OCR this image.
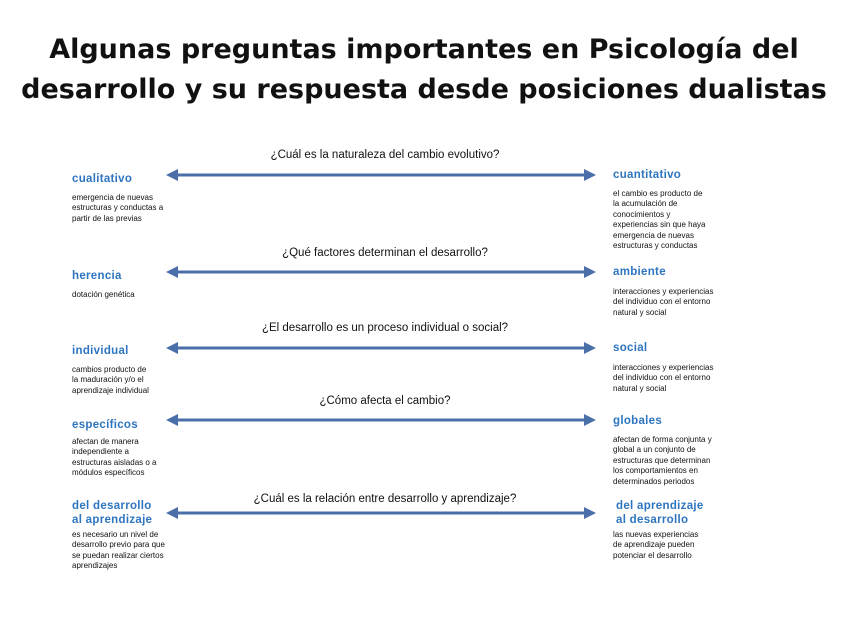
Algunas preguntas importantes en Psicología del
desarrollo y su respuesta desde posiciones dualistas
¿Cuál es la naturaleza del cambio evolutivo?
cualitativo
emergencia de nuevas estructuras y conductas a partir de las previas
cuantitativo
el cambio es producto de la acumulación de conocimientos y experiencias sin que haya emergencia de nuevas estructuras y conductas
¿Qué factores determinan el desarrollo?
herencia
dotación genética
ambiente
interacciones y experiencias del individuo con el entorno natural y social
¿El desarrollo es un proceso individual o social?
individual
cambios producto de la maduración y/o el aprendizaje individual
social
interacciones y experiencias del individuo con el entorno natural y social
¿Cómo afecta el cambio?
específicos
afectan de manera independiente a estructuras aisladas o a módulos específicos
globales
afectan de forma conjunta y global a un conjunto de estructuras que determinan los comportamientos en determinados periodos
¿Cuál es la relación entre desarrollo y aprendizaje?
del desarrollo
al aprendizaje
es necesario un nivel de desarrollo previo para que se puedan realizar ciertos aprendizajes
del aprendizaje
al desarrollo
las nuevas experiencias de aprendizaje pueden potenciar el desarrollo
